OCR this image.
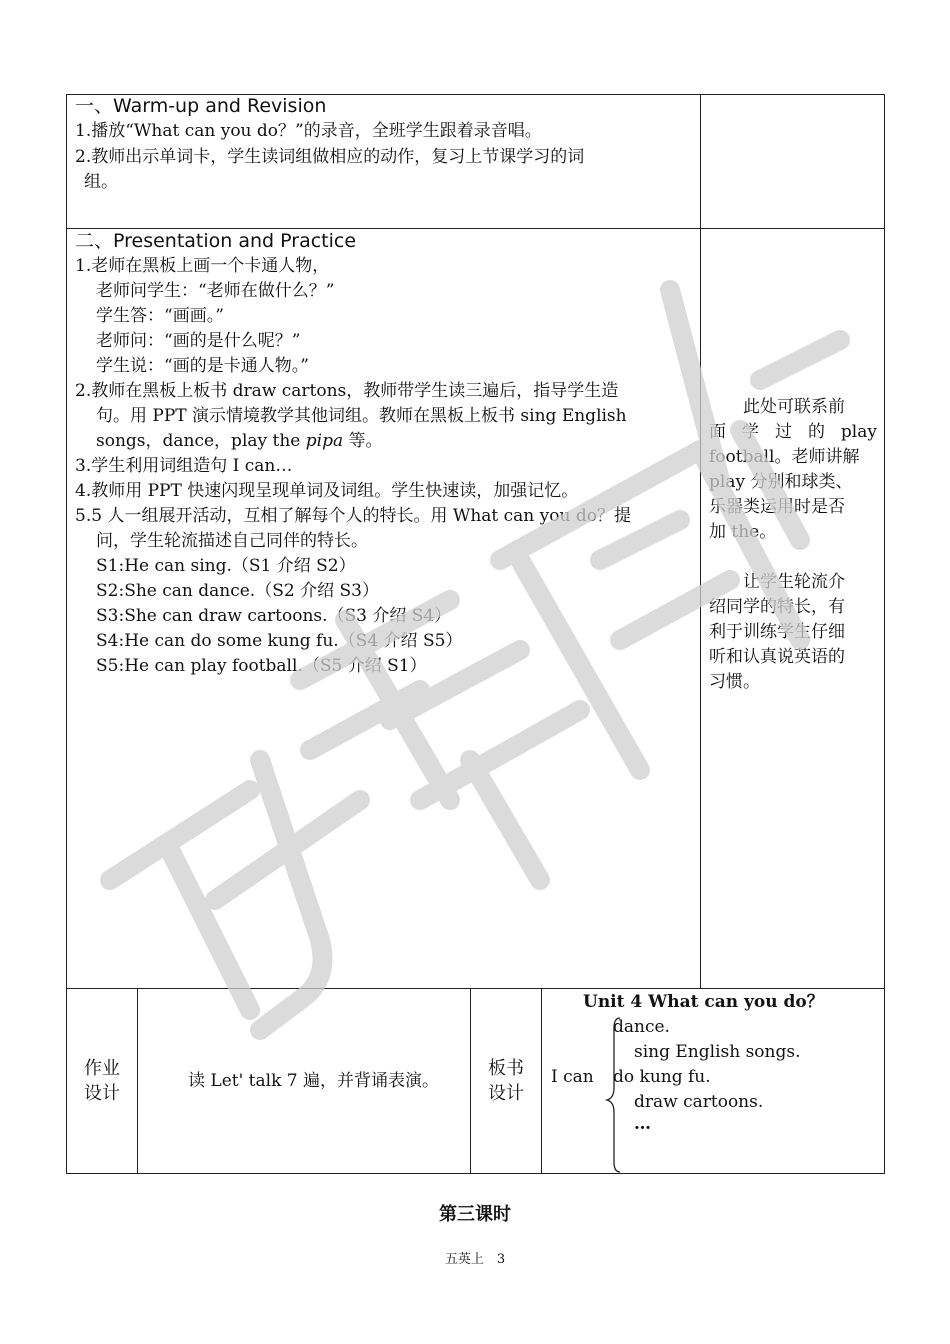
一、Warm-up and Revision
1.播放“What can you do？”的录音，全班学生跟着录音唱。
2.教师出示单词卡，学生读词组做相应的动作，复习上节课学习的词
组。
二、Presentation and Practice
1.老师在黑板上画一个卡通人物，
老师问学生：“老师在做什么？”
学生答：“画画。”
老师问：“画的是什么呢？”
学生说：“画的是卡通人物。”
2.教师在黑板上板书 draw cartons，教师带学生读三遍后，指导学生造
句。用 PPT 演示情境教学其他词组。教师在黑板上板书 sing English
songs，dance，play the pipa 等。
3.学生利用词组造句 I can…
4.教师用 PPT 快速闪现呈现单词及词组。学生快速读，加强记忆。
5.5 人一组展开活动，互相了解每个人的特长。用 What can you do？提
问，学生轮流描述自己同伴的特长。
S1:He can sing.（S1 介绍 S2）
S2:She can dance.（S2 介绍 S3）
S3:She can draw cartoons.（S3 介绍 S4）
S4:He can do some kung fu.（S4 介绍 S5）
S5:He can play football.（S5 介绍 S1）

此处可联系前

面 学 过 的 play

football。老师讲解

play 分别和球类、

乐器类运用时是否

加 the。

让学生轮流介

绍同学的特长，有

利于训练学生仔细

听和认真说英语的

习惯。

作业
设计
读 Let' talk 7 遍，并背诵表演。
板书
设计
Unit 4 What can you do？
I can
dance.
sing English songs.
do kung fu.
draw cartoons.
…
第三课时
五英上　3
